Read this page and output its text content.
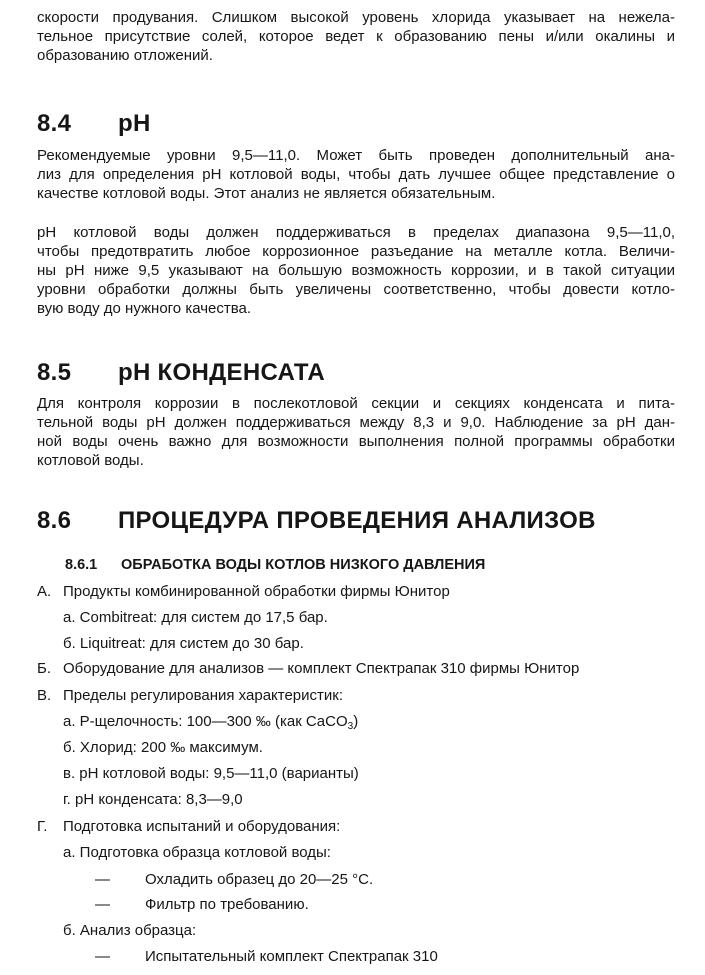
скорости продувания. Слишком высокой уровень хлорида указывает на нежела-
тельное присутствие солей, которое ведет к образованию пены и/или окалины и
образованию отложений.
8.4 pH
Рекомендуемые уровни 9,5—11,0. Может быть проведен дополнительный ана-
лиз для определения pH котловой воды, чтобы дать лучшее общее представление о
качестве котловой воды. Этот анализ не является обязательным.
pH котловой воды должен поддерживаться в пределах диапазона 9,5—11,0,
чтобы предотвратить любое коррозионное разъедание на металле котла. Величи-
ны pH ниже 9,5 указывают на большую возможность коррозии, и в такой ситуации
уровни обработки должны быть увеличены соответственно, чтобы довести котло-
вую воду до нужного качества.
8.5 pH КОНДЕНСАТА
Для контроля коррозии в послекотловой секции и секциях конденсата и пита-
тельной воды pH должен поддерживаться между 8,3 и 9,0. Наблюдение за pH дан-
ной воды очень важно для возможности выполнения полной программы обработки
котловой воды.
8.6 ПРОЦЕДУРА ПРОВЕДЕНИЯ АНАЛИЗОВ
8.6.1 ОБРАБОТКА ВОДЫ КОТЛОВ НИЗКОГО ДАВЛЕНИЯ
А. Продукты комбинированной обработки фирмы Юнитор
а. Combitreat: для систем до 17,5 бар.
б. Liquitreat: для систем до 30 бар.
Б. Оборудование для анализов — комплект Спектрапак 310 фирмы Юнитор
В. Пределы регулирования характеристик:
а. Р-щелочность: 100—300 ‰ (как CaCO$_3$)
б. Хлорид: 200 ‰ максимум.
в. pH котловой воды: 9,5—11,0 (варианты)
г. pH конденсата: 8,3—9,0
Г. Подготовка испытаний и оборудования:
а. Подготовка образца котловой воды:
— Охладить образец до 20—25 °С.
— Фильтр по требованию.
б. Анализ образца:
— Испытательный комплект Спектрапак 310
